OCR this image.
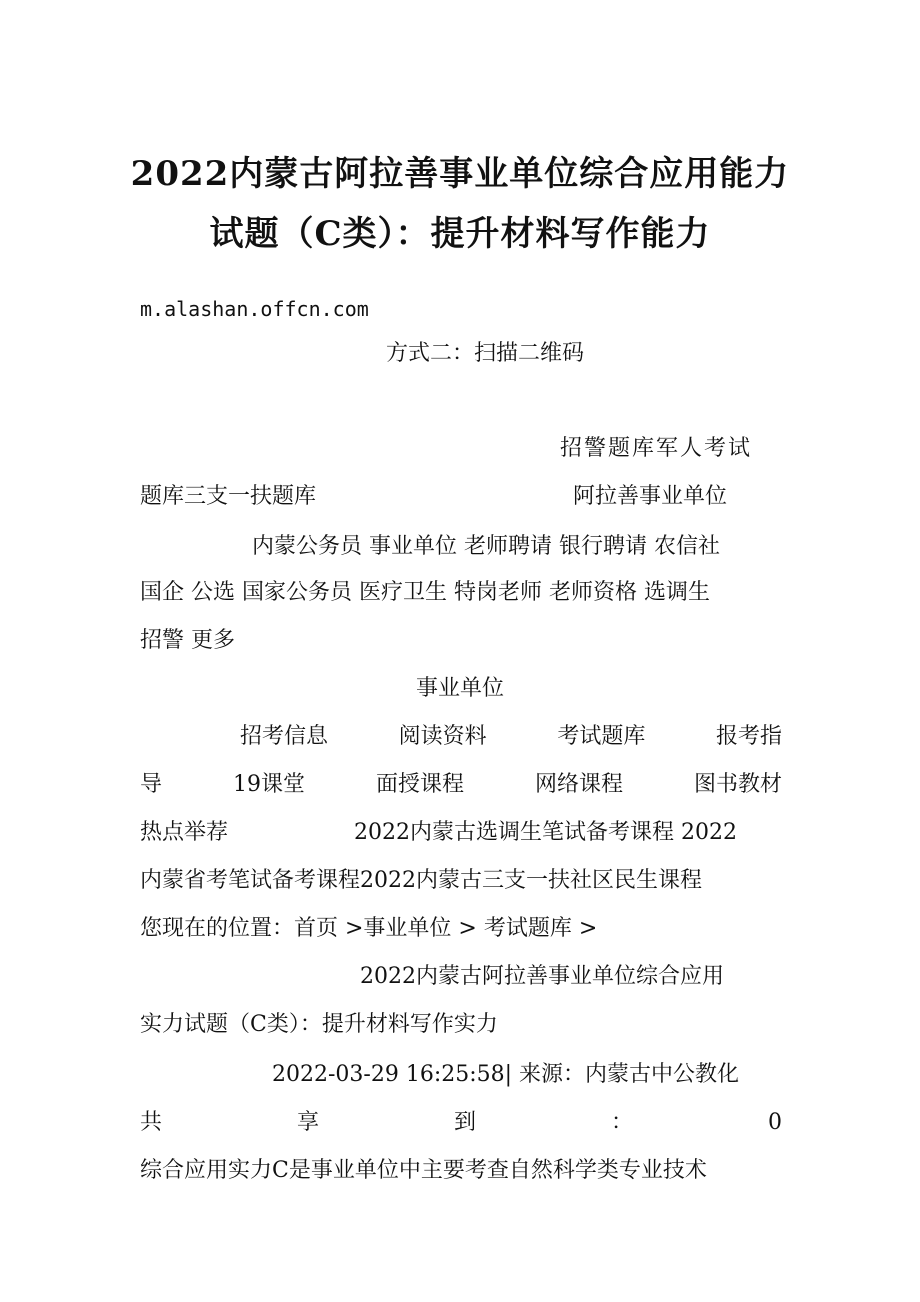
2022内蒙古阿拉善事业单位综合应用能力
试题（C类）：提升材料写作能力
m.alashan.offcn.com
方式二：扫描二维码
招警题库军人考试
题库三支一扶题库	阿拉善事业单位
内蒙公务员 事业单位 老师聘请 银行聘请 农信社
国企 公选 国家公务员 医疗卫生 特岗老师 老师资格 选调生
招警 更多
事业单位
招考信息	阅读资料	考试题库	报考指
导	19课堂	面授课程	网络课程	图书教材
热点举荐	2022内蒙古选调生笔试备考课程 2022
内蒙省考笔试备考课程2022内蒙古三支一扶社区民生课程
您现在的位置：首页 >事业单位 > 考试题库 >
2022内蒙古阿拉善事业单位综合应用
实力试题（C类）：提升材料写作实力
2022-03-29 16:25:58| 来源：内蒙古中公教化
共	享	到	：	0
综合应用实力C是事业单位中主要考查自然科学类专业技术
